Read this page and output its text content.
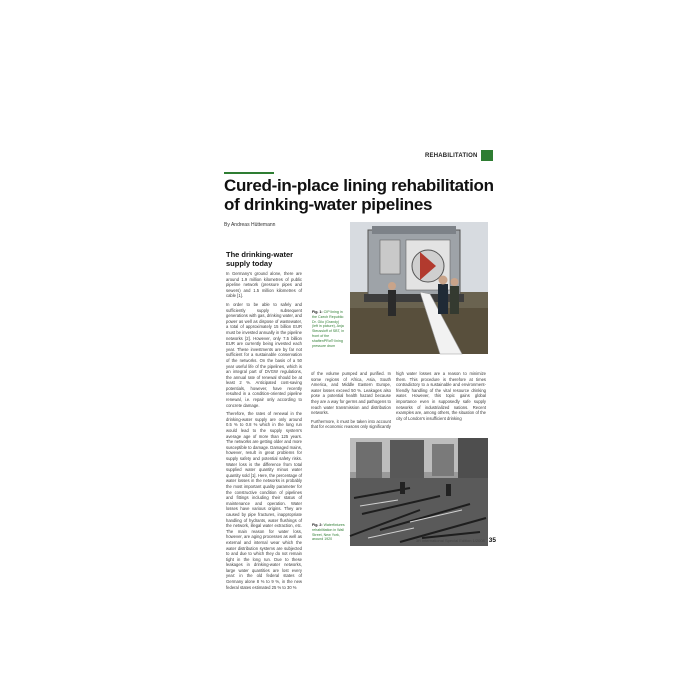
REHABILITATION
Cured-in-place lining rehabilitation of drinking-water pipelines
By Andreas Hüttemann
The drinking-water supply today

In Germany's ground alone, there are around 1.9 million kilometres of public pipeline network (pressure pipes and sewers) and 1.5 million kilometres of cable [1].

In order to be able to safely and sufficiently supply subsequent generations with gas, drinking water, and power as well as dispose of wastewater, a total of approximately 15 billion EUR must be invested annually in the pipeline networks [2]. However, only 7.5 billion EUR are currently being invested each year. These investments are by far not sufficient for a sustainable conservation of the networks. On the basis of a 50 year useful life of the pipelines, which is an integral part of DVGW regulations, the annual rate of renewal should be at least 2 %. Anticipated cost-saving potentials, however, have recently resulted in a condition-oriented pipeline renewal, i.e. repair only according to concrete damage.

Therefore, the rates of renewal in the drinking-water supply are only around 0.5 % to 0.8 % which in the long run would lead to the supply system's average age of more than 125 years. The networks are getting older and more susceptible to damage. Damaged mains, however, result in great problems for supply safety and potential safety risks. Water loss is the difference from total supplied water quantity minus water quantity sold [1]. Here, the percentage of water losses in the networks is probably the most important quality parameter for the constructive condition of pipelines and fittings including their status of maintenance and operation. Water losses have various origins. They are caused by pipe fractures, inappropriate handling of hydrants, water flushings of the network, illegal water extraction, etc. The main reason for water loss, however, are aging processes as well as external and internal wear which the water distribution systems are subjected to and due to which they do not remain tight in the long run. Due to these leakages in drinking-water networks, large water quantities are lost every year: in the old federal states of Germany alone 8 % to 9 %, in the new federal states estimated 25 % to 30 %

Fig. 1: CIP lining in the Czech Republic: Dr. Gilo (Grandy) (left in picture), Anja Steussloff of SBT, in front of the shaftenPRo® lining pressure drum

of the volume pumped and purified. In some regions of Africa, Asia, South America, and Middle Eastern Europe, water losses exceed 50 %. Leakages also pose a potential health hazard because they are a way for germs and pathogens to reach water transmission and distribution networks.

Furthermore, it must be taken into account that for economic reasons only significantly

high water losses are a reason to minimize them. This procedure is therefore at times contradictory to a sustainable and environment-friendly handling of the vital resource drinking water. However, this topic gains global importance even in supposedly safe supply networks of industrialized nations. Recent examples are, among others, the situation of the city of London's insufficient drinking

Fig. 2: Waterfixtures rehabilitation in Wall Street, New York, around 1920	3R international Special Edition 1/2008 35
